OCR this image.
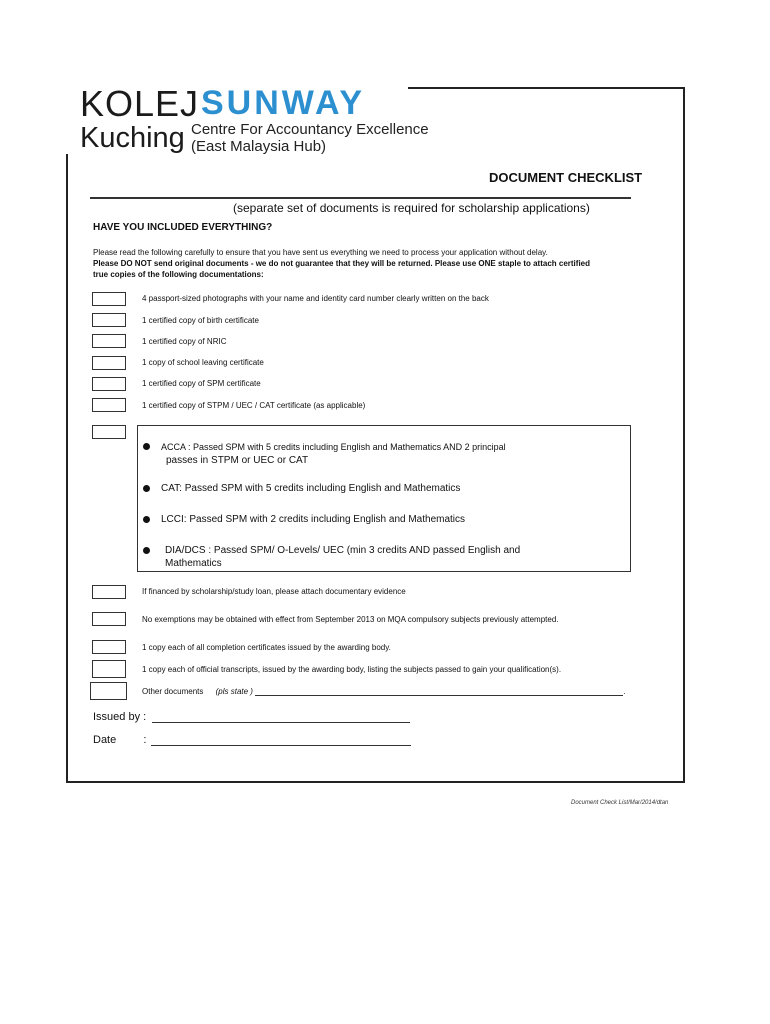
KOLEJ SUNWAY
Kuching Centre For Accountancy Excellence
(East Malaysia Hub)
DOCUMENT CHECKLIST
(separate set of documents is required for scholarship applications)
HAVE YOU INCLUDED EVERYTHING?
Please read the following carefully to ensure that you have sent us everything we need to process your application without delay.
Please DO NOT send original documents - we do not guarantee that they will be returned. Please use ONE staple to attach certified
true copies of the following documentations:
4 passport-sized photographs with your name and identity card number clearly written on the back
1 certified copy of birth certificate
1 certified copy of NRIC
1 copy of school leaving certificate
1 certified copy of SPM certificate
1 certified copy of STPM / UEC / CAT certificate (as applicable)
ACCA : Passed SPM with 5 credits including English and Mathematics AND 2 principal
passes in STPM or UEC or CAT
CAT: Passed SPM with 5 credits including English and Mathematics
LCCI: Passed SPM with 2 credits including English and Mathematics
DIA/DCS : Passed SPM/ O-Levels/ UEC (min 3 credits AND passed English and
Mathematics
If financed by scholarship/study loan, please attach documentary evidence
No exemptions may be obtained with effect from September 2013 on MQA compulsory subjects previously attempted.
1 copy each of all completion certificates issued by the awarding body.
1 copy each of official transcripts, issued by the awarding body, listing the subjects passed to gain your qualification(s).
Other documents (pls state )	.
Issued by :
Date :
Document Check List/Mar/2014/dtan
